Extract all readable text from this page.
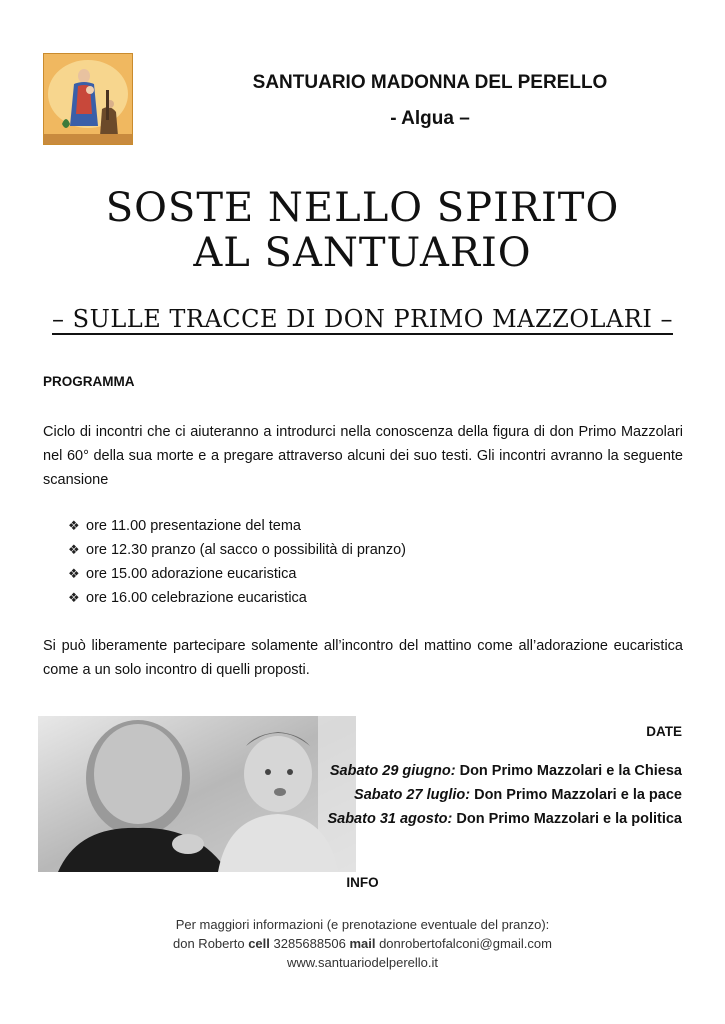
SANTUARIO MADONNA DEL PERELLO
- Algua –
SOSTE NELLO SPIRITO
AL SANTUARIO
– SULLE TRACCE DI DON PRIMO MAZZOLARI –
PROGRAMMA
Ciclo di incontri che ci aiuteranno a introdurci nella conoscenza della figura di don Primo Mazzolari nel 60° della sua morte e a pregare attraverso alcuni dei suo testi. Gli incontri avranno la seguente scansione
❖ ore 11.00 presentazione del tema
❖ ore 12.30 pranzo (al sacco o possibilità di pranzo)
❖ ore 15.00 adorazione eucaristica
❖ ore 16.00 celebrazione eucaristica
Si può liberamente partecipare solamente all’incontro del mattino come all’adorazione eucaristica come a un solo incontro di quelli proposti.
DATE
Sabato 29 giugno: Don Primo Mazzolari e la Chiesa
Sabato 27 luglio: Don Primo Mazzolari e la pace
Sabato 31 agosto: Don Primo Mazzolari e la politica
INFO
Per maggiori informazioni (e prenotazione eventuale del pranzo):
don Roberto cell 3285688506 mail donrobertofalconi@gmail.com
www.santuariodelperello.it
